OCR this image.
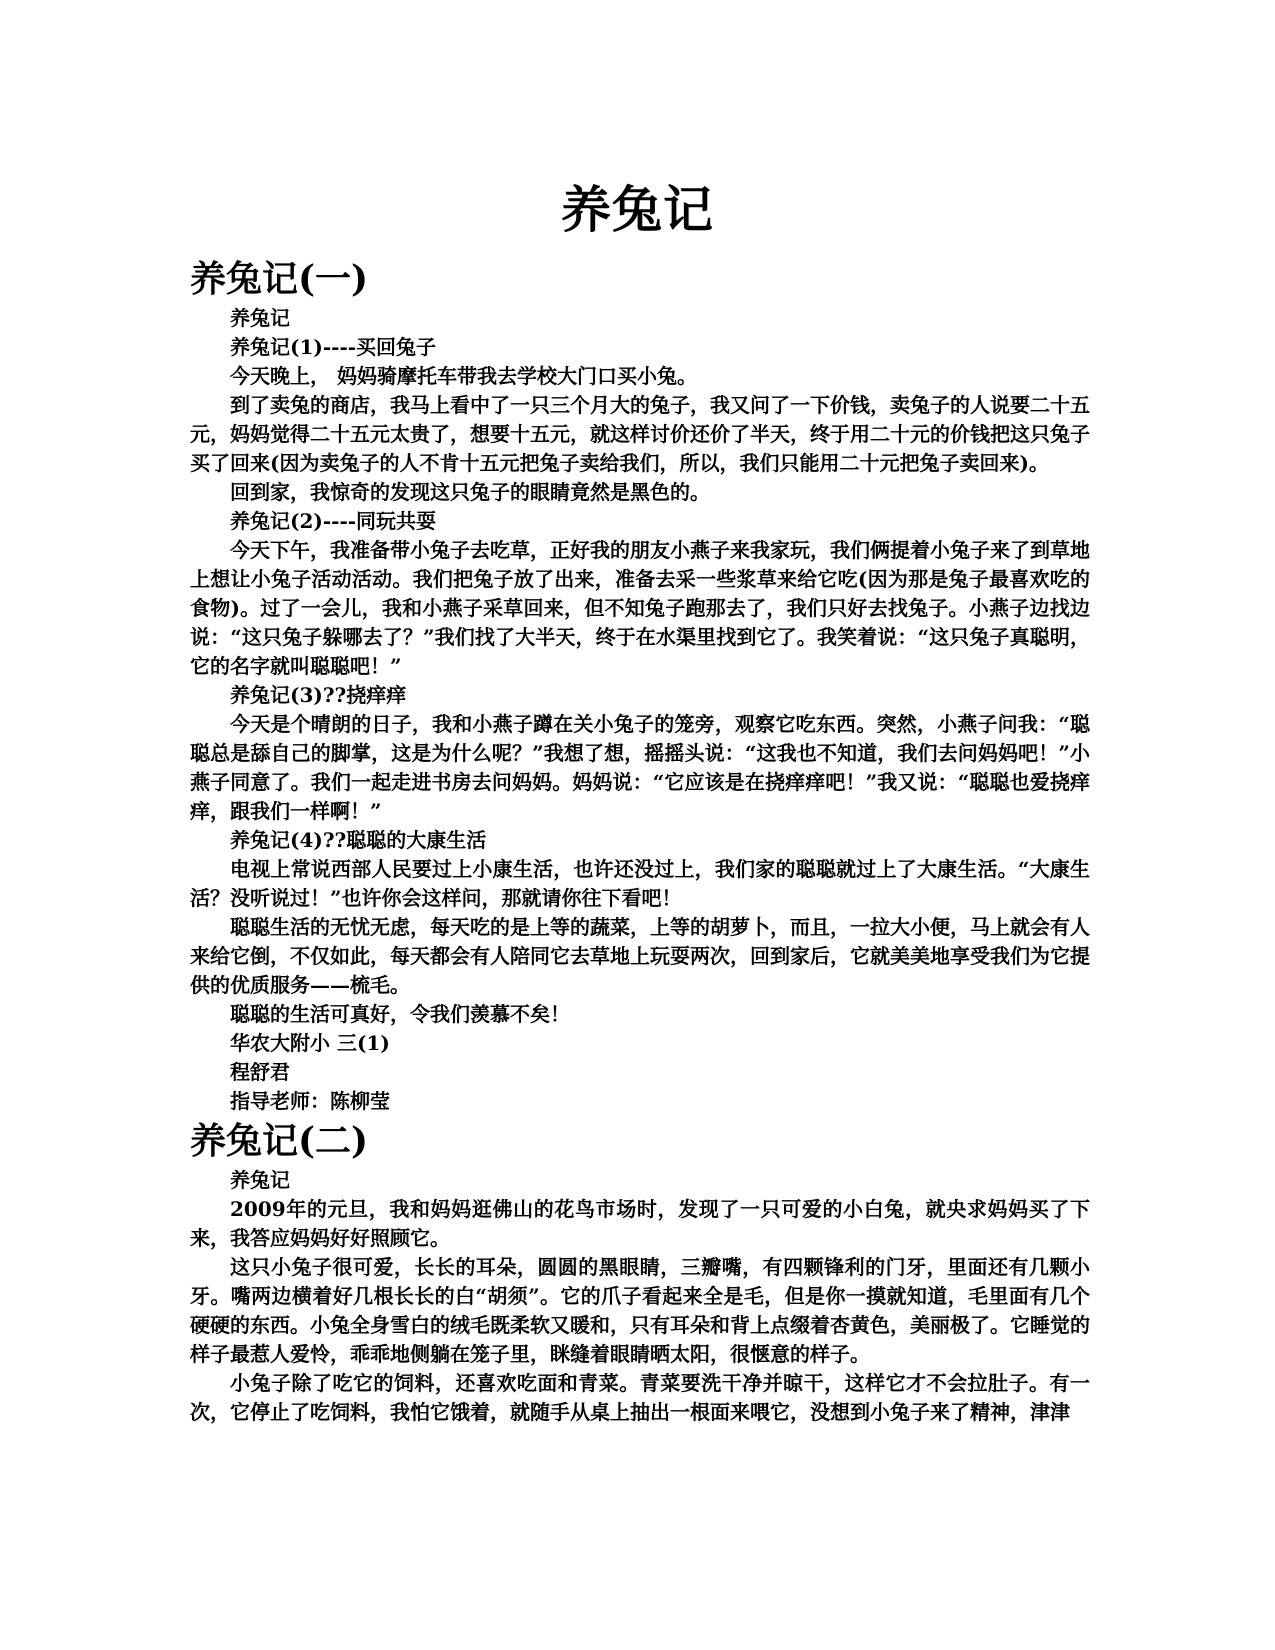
养兔记
养兔记(一)

养兔记

养兔记(1)----买回兔子

今天晚上， 妈妈骑摩托车带我去学校大门口买小兔。

到了卖兔的商店，我马上看中了一只三个月大的兔子，我又问了一下价钱，卖兔子的人说要二十五元，妈妈觉得二十五元太贵了，想要十五元，就这样讨价还价了半天，终于用二十元的价钱把这只兔子买了回来(因为卖兔子的人不肯十五元把兔子卖给我们，所以，我们只能用二十元把兔子卖回来)。

回到家，我惊奇的发现这只兔子的眼睛竟然是黑色的。

养兔记(2)----同玩共耍

今天下午，我准备带小兔子去吃草，正好我的朋友小燕子来我家玩，我们俩提着小兔子来了到草地上想让小兔子活动活动。我们把兔子放了出来，准备去采一些浆草来给它吃(因为那是兔子最喜欢吃的食物)。过了一会儿，我和小燕子采草回来，但不知兔子跑那去了，我们只好去找兔子。小燕子边找边说：“这只兔子躲哪去了？”我们找了大半天，终于在水渠里找到它了。我笑着说：“这只兔子真聪明，它的名字就叫聪聪吧！”

养兔记(3)??挠痒痒

今天是个晴朗的日子，我和小燕子蹲在关小兔子的笼旁，观察它吃东西。突然，小燕子问我：“聪聪总是舔自己的脚掌，这是为什么呢？”我想了想，摇摇头说：“这我也不知道，我们去问妈妈吧！”小燕子同意了。我们一起走进书房去问妈妈。妈妈说：“它应该是在挠痒痒吧！”我又说：“聪聪也爱挠痒痒，跟我们一样啊！”

养兔记(4)??聪聪的大康生活

电视上常说西部人民要过上小康生活，也许还没过上，我们家的聪聪就过上了大康生活。“大康生活？没听说过！”也许你会这样问，那就请你往下看吧！

聪聪生活的无忧无虑，每天吃的是上等的蔬菜，上等的胡萝卜，而且，一拉大小便，马上就会有人来给它倒，不仅如此，每天都会有人陪同它去草地上玩耍两次，回到家后，它就美美地享受我们为它提供的优质服务——梳毛。

聪聪的生活可真好，令我们羡慕不矣！

华农大附小 三(1)

程舒君

指导老师：陈柳莹

养兔记(二)

养兔记

2009年的元旦，我和妈妈逛佛山的花鸟市场时，发现了一只可爱的小白兔，就央求妈妈买了下来，我答应妈妈好好照顾它。

这只小兔子很可爱，长长的耳朵，圆圆的黑眼睛，三瓣嘴，有四颗锋利的门牙，里面还有几颗小牙。嘴两边横着好几根长长的白“胡须”。它的爪子看起来全是毛，但是你一摸就知道，毛里面有几个硬硬的东西。小兔全身雪白的绒毛既柔软又暖和，只有耳朵和背上点缀着杏黄色，美丽极了。它睡觉的样子最惹人爱怜，乖乖地侧躺在笼子里，眯缝着眼睛晒太阳，很惬意的样子。

小兔子除了吃它的饲料，还喜欢吃面和青菜。青菜要洗干净并晾干，这样它才不会拉肚子。有一次，它停止了吃饲料，我怕它饿着，就随手从桌上抽出一根面来喂它，没想到小兔子来了精神，津津
